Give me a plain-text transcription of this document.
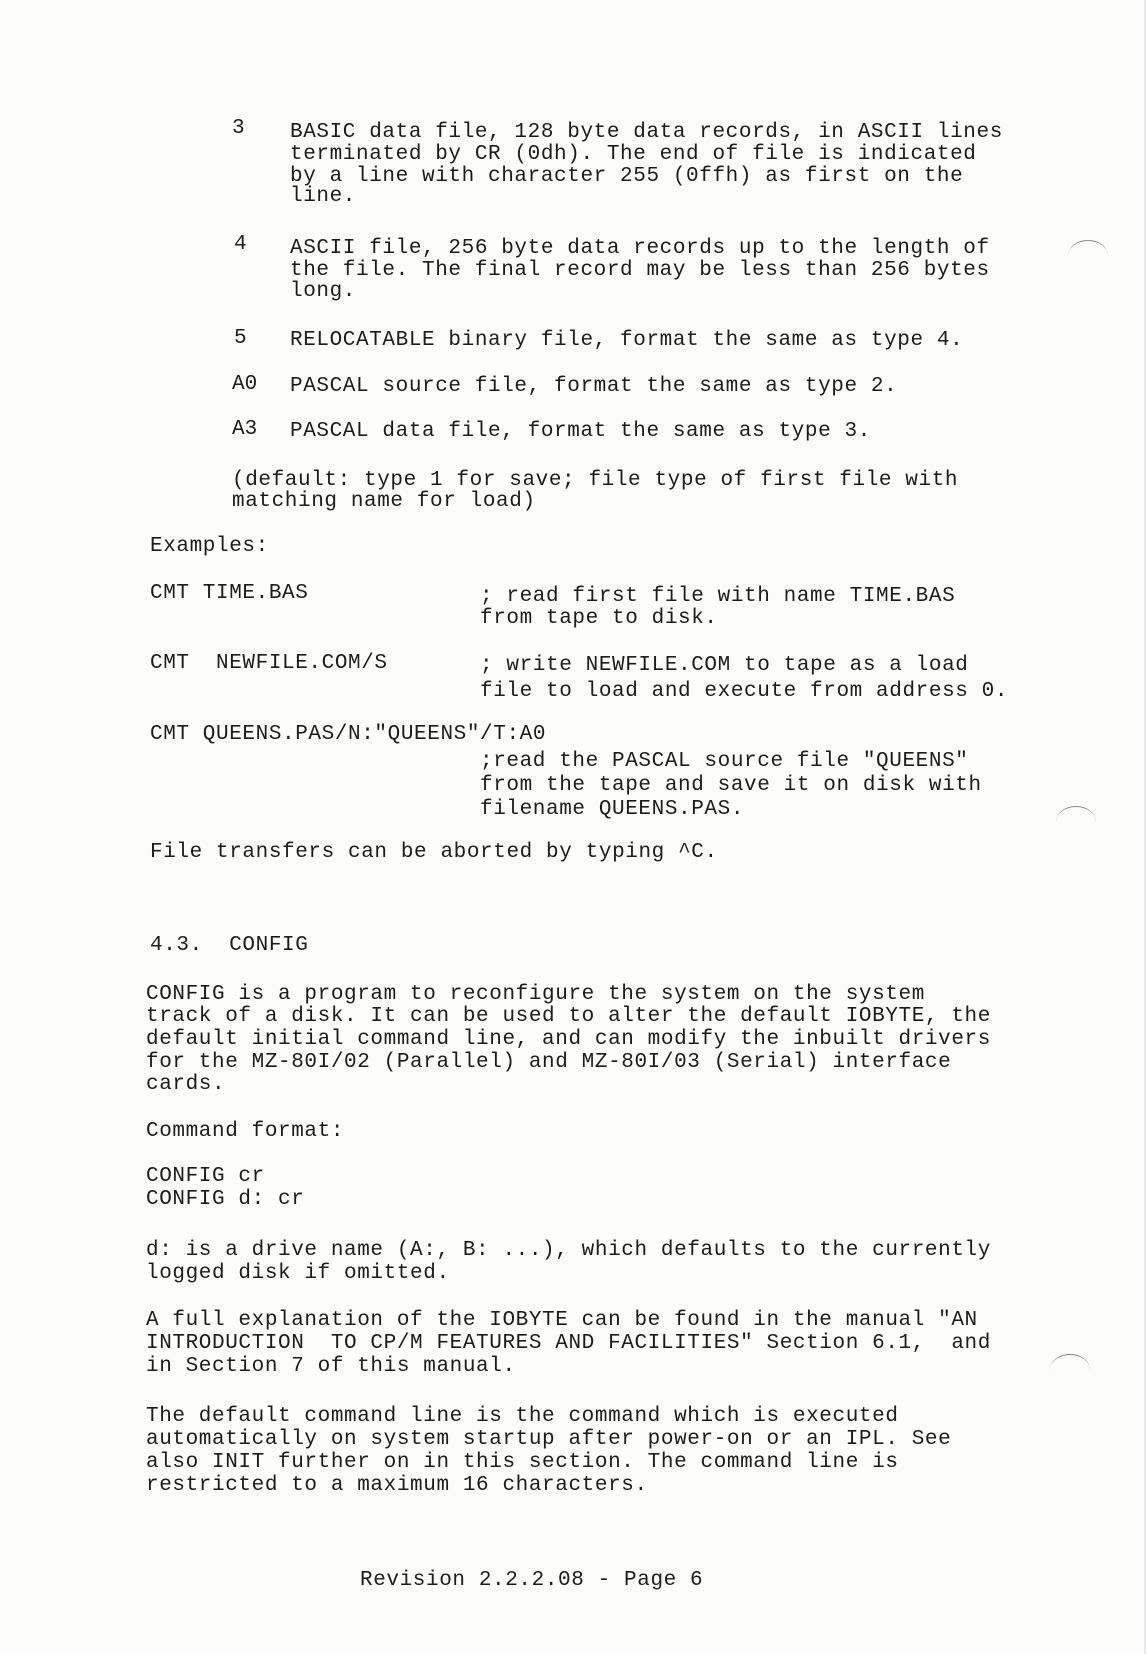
3 BASIC data file, 128 byte data records, in ASCII lines
terminated by CR (0dh). The end of file is indicated
by a line with character 255 (0ffh) as first on the
line.
4 ASCII file, 256 byte data records up to the length of
the file. The final record may be less than 256 bytes
long.
5 RELOCATABLE binary file, format the same as type 4.
A0 PASCAL source file, format the same as type 2.
A3 PASCAL data file, format the same as type 3.
(default: type 1 for save; file type of first file with
matching name for load)
Examples:
CMT TIME.BAS	; read first file with name TIME.BAS
from tape to disk.
CMT  NEWFILE.COM/S	; write NEWFILE.COM to tape as a load
file to load and execute from address 0.
CMT QUEENS.PAS/N:"QUEENS"/T:A0
;read the PASCAL source file "QUEENS"
from the tape and save it on disk with
filename QUEENS.PAS.
File transfers can be aborted by typing ^C.
4.3.  CONFIG
CONFIG is a program to reconfigure the system on the system
track of a disk. It can be used to alter the default IOBYTE, the
default initial command line, and can modify the inbuilt drivers
for the MZ-80I/02 (Parallel) and MZ-80I/03 (Serial) interface
cards.
Command format:
CONFIG cr
CONFIG d: cr
d: is a drive name (A:, B: ...), which defaults to the currently
logged disk if omitted.
A full explanation of the IOBYTE can be found in the manual "AN
INTRODUCTION  TO CP/M FEATURES AND FACILITIES" Section 6.1,  and
in Section 7 of this manual.
The default command line is the command which is executed
automatically on system startup after power-on or an IPL. See
also INIT further on in this section. The command line is
restricted to a maximum 16 characters.
Revision 2.2.2.08 - Page 6
